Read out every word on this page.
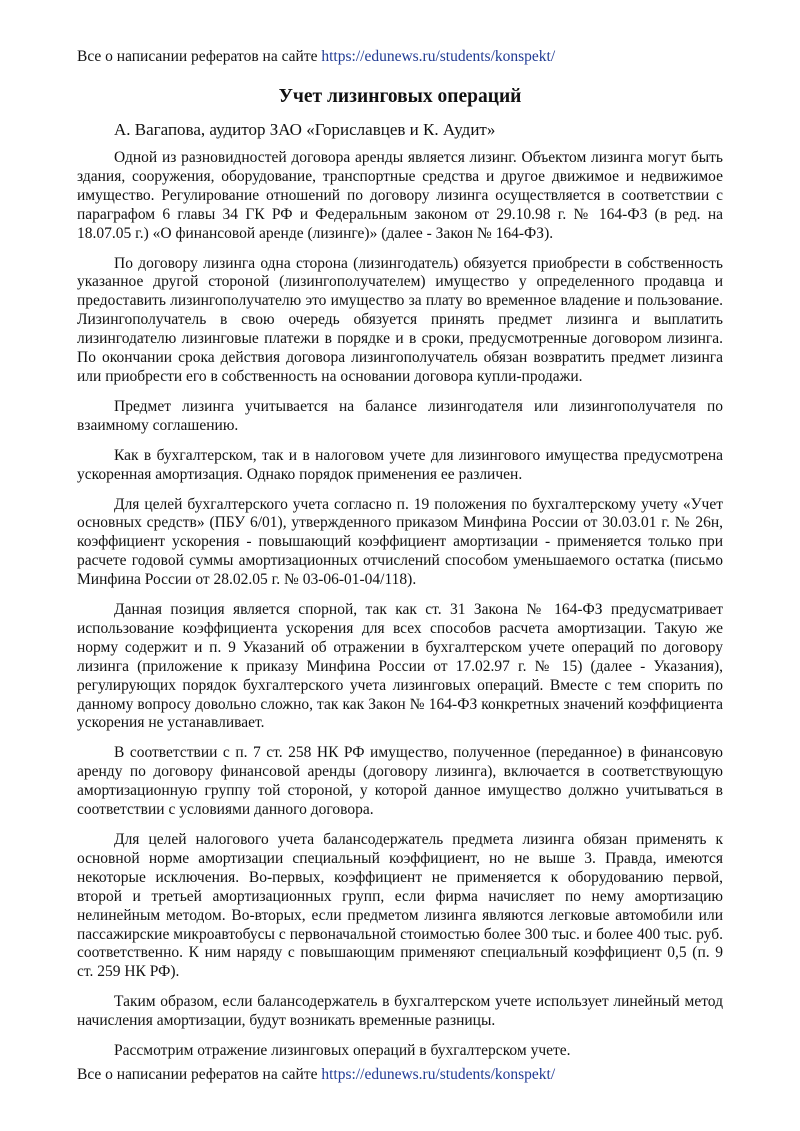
Все о написании рефератов на сайте https://edunews.ru/students/konspekt/
Учет лизинговых операций
А. Вагапова, аудитор ЗАО «Гориславцев и К. Аудит»

Одной из разновидностей договора аренды является лизинг. Объектом лизинга могут быть здания, сооружения, оборудование, транспортные средства и другое движимое и недвижимое имущество. Регулирование отношений по договору лизинга осуществляется в соответствии с параграфом 6 главы 34 ГК РФ и Федеральным законом от 29.10.98 г. № 164-ФЗ (в ред. на 18.07.05 г.) «О финансовой аренде (лизинге)» (далее - Закон № 164-ФЗ).

По договору лизинга одна сторона (лизингодатель) обязуется приобрести в собственность указанное другой стороной (лизингополучателем) имущество у определенного продавца и предоставить лизингополучателю это имущество за плату во временное владение и пользование. Лизингополучатель в свою очередь обязуется принять предмет лизинга и выплатить лизингодателю лизинговые платежи в порядке и в сроки, предусмотренные договором лизинга. По окончании срока действия договора лизингополучатель обязан возвратить предмет лизинга или приобрести его в собственность на основании договора купли-продажи.

Предмет лизинга учитывается на балансе лизингодателя или лизингополучателя по взаимному соглашению.

Как в бухгалтерском, так и в налоговом учете для лизингового имущества предусмотрена ускоренная амортизация. Однако порядок применения ее различен.

Для целей бухгалтерского учета согласно п. 19 положения по бухгалтерскому учету «Учет основных средств» (ПБУ 6/01), утвержденного приказом Минфина России от 30.03.01 г. № 26н, коэффициент ускорения - повышающий коэффициент амортизации - применяется только при расчете годовой суммы амортизационных отчислений способом уменьшаемого остатка (письмо Минфина России от 28.02.05 г. № 03-06-01-04/118).

Данная позиция является спорной, так как ст. 31 Закона № 164-ФЗ предусматривает использование коэффициента ускорения для всех способов расчета амортизации. Такую же норму содержит и п. 9 Указаний об отражении в бухгалтерском учете операций по договору лизинга (приложение к приказу Минфина России от 17.02.97 г. № 15) (далее - Указания), регулирующих порядок бухгалтерского учета лизинговых операций. Вместе с тем спорить по данному вопросу довольно сложно, так как Закон № 164-ФЗ конкретных значений коэффициента ускорения не устанавливает.

В соответствии с п. 7 ст. 258 НК РФ имущество, полученное (переданное) в финансовую аренду по договору финансовой аренды (договору лизинга), включается в соответствующую амортизационную группу той стороной, у которой данное имущество должно учитываться в соответствии с условиями данного договора.

Для целей налогового учета балансодержатель предмета лизинга обязан применять к основной норме амортизации специальный коэффициент, но не выше 3. Правда, имеются некоторые исключения. Во-первых, коэффициент не применяется к оборудованию первой, второй и третьей амортизационных групп, если фирма начисляет по нему амортизацию нелинейным методом. Во-вторых, если предметом лизинга являются легковые автомобили или пассажирские микроавтобусы с первоначальной стоимостью более 300 тыс. и более 400 тыс. руб. соответственно. К ним наряду с повышающим применяют специальный коэффициент 0,5 (п. 9 ст. 259 НК РФ).

Таким образом, если балансодержатель в бухгалтерском учете использует линейный метод начисления амортизации, будут возникать временные разницы.

Рассмотрим отражение лизинговых операций в бухгалтерском учете.

Все о написании рефератов на сайте https://edunews.ru/students/konspekt/
